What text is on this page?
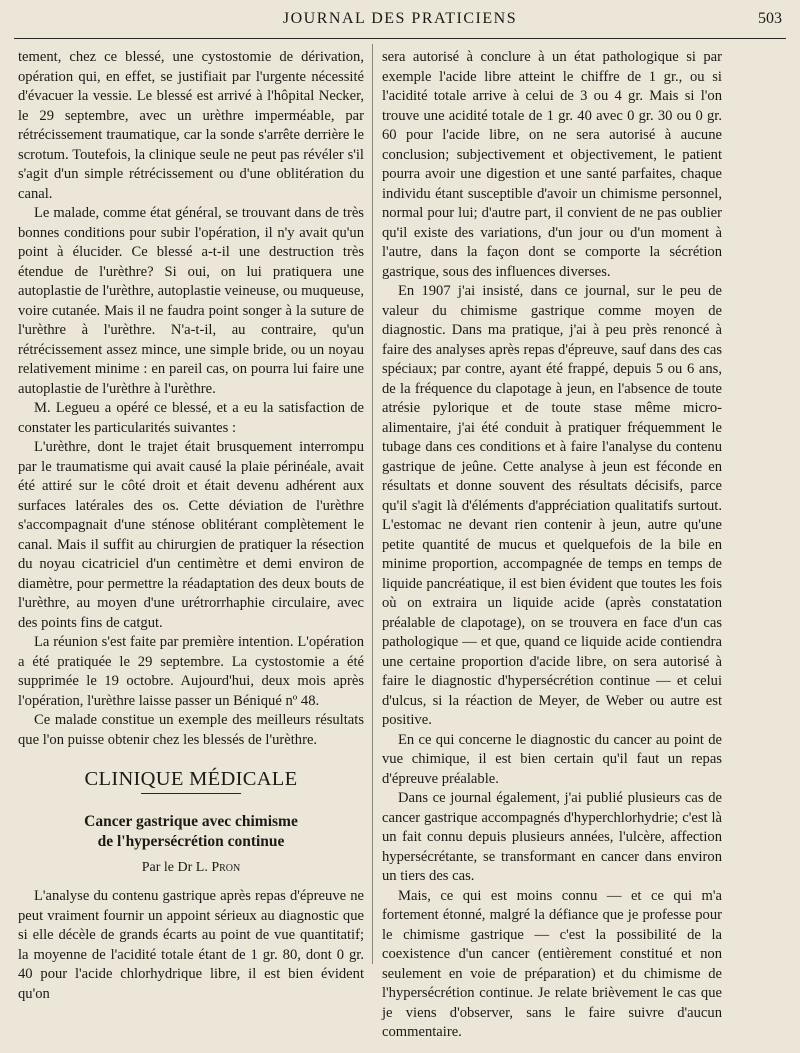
JOURNAL DES PRATICIENS	503

tement, chez ce blessé, une cystostomie de dérivation, opération qui, en effet, se justifiait par l'urgente nécessité d'évacuer la vessie. Le blessé est arrivé à l'hôpital Necker, le 29 septembre, avec un urèthre imperméable, par rétrécissement traumatique, car la sonde s'arrête derrière le scrotum. Toutefois, la clinique seule ne peut pas révéler s'il s'agit d'un simple rétrécissement ou d'une oblitération du canal.

Le malade, comme état général, se trouvant dans de très bonnes conditions pour subir l'opération, il n'y avait qu'un point à élucider. Ce blessé a-t-il une destruction très étendue de l'urèthre? Si oui, on lui pratiquera une autoplastie de l'urèthre, autoplastie veineuse, ou muqueuse, voire cutanée. Mais il ne faudra point songer à la suture de l'urèthre à l'urèthre. N'a-t-il, au contraire, qu'un rétrécissement assez mince, une simple bride, ou un noyau relativement minime : en pareil cas, on pourra lui faire une autoplastie de l'urèthre à l'urèthre.

M. Legueu a opéré ce blessé, et a eu la satisfaction de constater les particularités suivantes :

L'urèthre, dont le trajet était brusquement interrompu par le traumatisme qui avait causé la plaie périnéale, avait été attiré sur le côté droit et était devenu adhérent aux surfaces latérales des os. Cette déviation de l'urèthre s'accompagnait d'une sténose oblitérant complètement le canal. Mais il suffit au chirurgien de pratiquer la résection du noyau cicatriciel d'un centimètre et demi environ de diamètre, pour permettre la réadaptation des deux bouts de l'urèthre, au moyen d'une urétrorrhaphie circulaire, avec des points fins de catgut.

La réunion s'est faite par première intention. L'opération a été pratiquée le 29 septembre. La cystostomie a été supprimée le 19 octobre. Aujourd'hui, deux mois après l'opération, l'urèthre laisse passer un Béniqué nº 48.

Ce malade constitue un exemple des meilleurs résultats que l'on puisse obtenir chez les blessés de l'urèthre.

CLINIQUE MÉDICALE
Cancer gastrique avec chimisme
de l'hypersécrétion continue
Par le Dr L. Pron

L'analyse du contenu gastrique après repas d'épreuve ne peut vraiment fournir un appoint sérieux au diagnostic que si elle décèle de grands écarts au point de vue quantitatif; la moyenne de l'acidité totale étant de 1 gr. 80, dont 0 gr. 40 pour l'acide chlorhydrique libre, il est bien évident qu'on

sera autorisé à conclure à un état pathologique si par exemple l'acide libre atteint le chiffre de 1 gr., ou si l'acidité totale arrive à celui de 3 ou 4 gr. Mais si l'on trouve une acidité totale de 1 gr. 40 avec 0 gr. 30 ou 0 gr. 60 pour l'acide libre, on ne sera autorisé à aucune conclusion; subjectivement et objectivement, le patient pourra avoir une digestion et une santé parfaites, chaque individu étant susceptible d'avoir un chimisme personnel, normal pour lui; d'autre part, il convient de ne pas oublier qu'il existe des variations, d'un jour ou d'un moment à l'autre, dans la façon dont se comporte la sécrétion gastrique, sous des influences diverses.

En 1907 j'ai insisté, dans ce journal, sur le peu de valeur du chimisme gastrique comme moyen de diagnostic. Dans ma pratique, j'ai à peu près renoncé à faire des analyses après repas d'épreuve, sauf dans des cas spéciaux; par contre, ayant été frappé, depuis 5 ou 6 ans, de la fréquence du clapotage à jeun, en l'absence de toute atrésie pylorique et de toute stase même micro-alimentaire, j'ai été conduit à pratiquer fréquemment le tubage dans ces conditions et à faire l'analyse du contenu gastrique de jeûne. Cette analyse à jeun est féconde en résultats et donne souvent des résultats décisifs, parce qu'il s'agit là d'éléments d'appréciation qualitatifs surtout. L'estomac ne devant rien contenir à jeun, autre qu'une petite quantité de mucus et quelquefois de la bile en minime proportion, accompagnée de temps en temps de liquide pancréatique, il est bien évident que toutes les fois où on extraira un liquide acide (après constatation préalable de clapotage), on se trouvera en face d'un cas pathologique — et que, quand ce liquide acide contiendra une certaine proportion d'acide libre, on sera autorisé à faire le diagnostic d'hypersécrétion continue — et celui d'ulcus, si la réaction de Meyer, de Weber ou autre est positive.

En ce qui concerne le diagnostic du cancer au point de vue chimique, il est bien certain qu'il faut un repas d'épreuve préalable.

Dans ce journal également, j'ai publié plusieurs cas de cancer gastrique accompagnés d'hyperchlorhydrie; c'est là un fait connu depuis plusieurs années, l'ulcère, affection hypersécrétante, se transformant en cancer dans environ un tiers des cas.

Mais, ce qui est moins connu — et ce qui m'a fortement étonné, malgré la défiance que je professe pour le chimisme gastrique — c'est la possibilité de la coexistence d'un cancer (entièrement constitué et non seulement en voie de préparation) et du chimisme de l'hypersécrétion continue. Je relate brièvement le cas que je viens d'observer, sans le faire suivre d'aucun commentaire.
